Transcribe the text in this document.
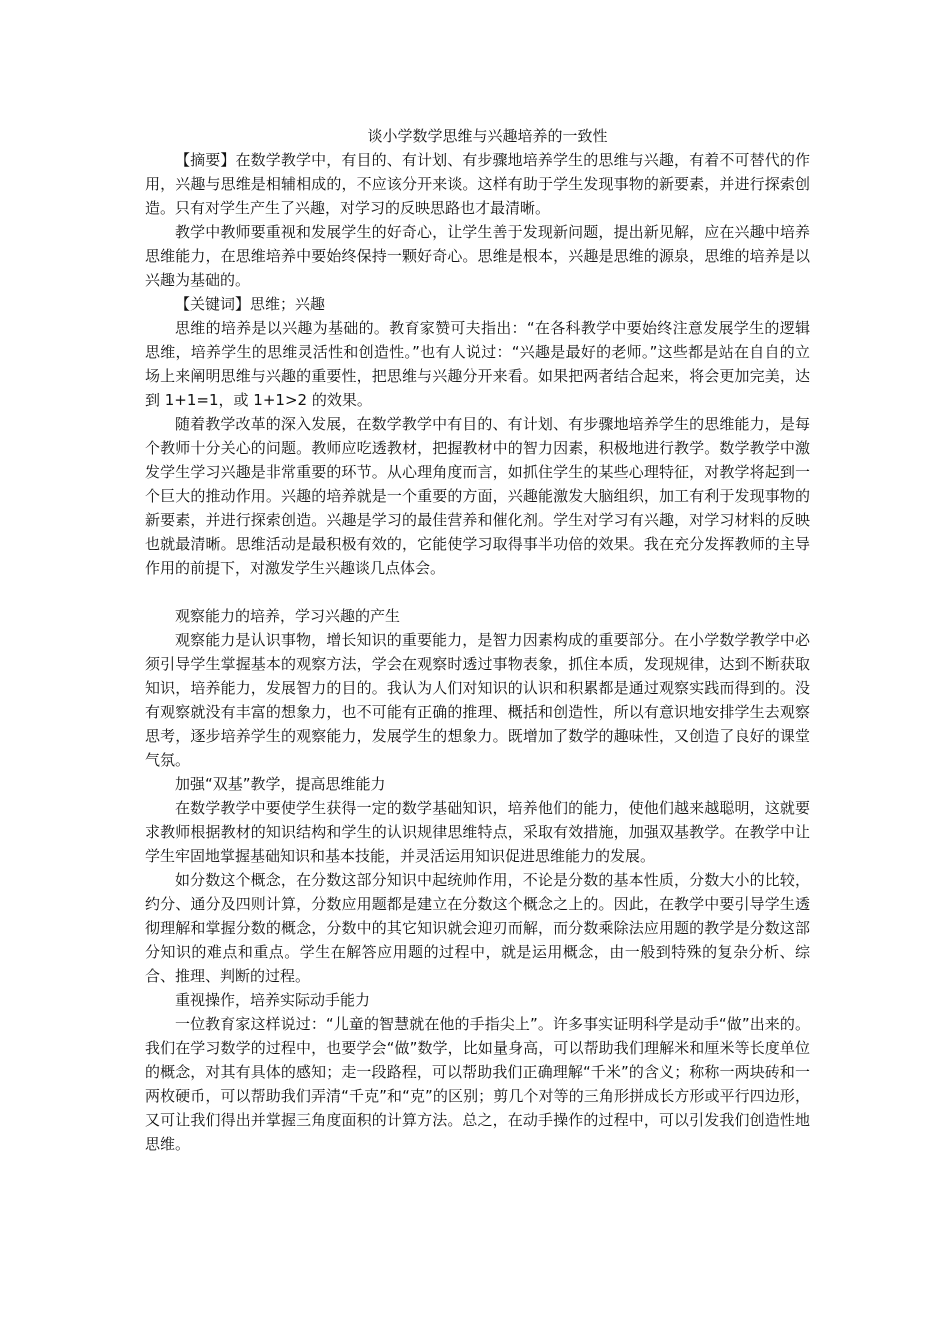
谈小学数学思维与兴趣培养的一致性

【摘要】在数学教学中，有目的、有计划、有步骤地培养学生的思维与兴趣，有着不可替代的作用，兴趣与思维是相辅相成的，不应该分开来谈。这样有助于学生发现事物的新要素，并进行探索创造。只有对学生产生了兴趣，对学习的反映思路也才最清晰。

教学中教师要重视和发展学生的好奇心，让学生善于发现新问题，提出新见解，应在兴趣中培养思维能力，在思维培养中要始终保持一颗好奇心。思维是根本，兴趣是思维的源泉，思维的培养是以兴趣为基础的。

【关键词】思维；兴趣

思维的培养是以兴趣为基础的。教育家赞可夫指出：“在各科教学中要始终注意发展学生的逻辑思维，培养学生的思维灵活性和创造性。”也有人说过：“兴趣是最好的老师。”这些都是站在自自的立场上来阐明思维与兴趣的重要性，把思维与兴趣分开来看。如果把两者结合起来，将会更加完美，达到 1+1=1，或 1+1>2 的效果。

随着教学改革的深入发展，在数学教学中有目的、有计划、有步骤地培养学生的思维能力，是每个教师十分关心的问题。教师应吃透教材，把握教材中的智力因素，积极地进行教学。数学教学中激发学生学习兴趣是非常重要的环节。从心理角度而言，如抓住学生的某些心理特征，对教学将起到一个巨大的推动作用。兴趣的培养就是一个重要的方面，兴趣能激发大脑组织，加工有利于发现事物的新要素，并进行探索创造。兴趣是学习的最佳营养和催化剂。学生对学习有兴趣，对学习材料的反映也就最清晰。思维活动是最积极有效的，它能使学习取得事半功倍的效果。我在充分发挥教师的主导作用的前提下，对激发学生兴趣谈几点体会。

观察能力的培养，学习兴趣的产生

观察能力是认识事物，增长知识的重要能力，是智力因素构成的重要部分。在小学数学教学中必须引导学生掌握基本的观察方法，学会在观察时透过事物表象，抓住本质，发现规律，达到不断获取知识，培养能力，发展智力的目的。我认为人们对知识的认识和积累都是通过观察实践而得到的。没有观察就没有丰富的想象力，也不可能有正确的推理、概括和创造性，所以有意识地安排学生去观察思考，逐步培养学生的观察能力，发展学生的想象力。既增加了数学的趣味性，又创造了良好的课堂气氛。

加强“双基”教学，提高思维能力

在数学教学中要使学生获得一定的数学基础知识，培养他们的能力，使他们越来越聪明，这就要求教师根据教材的知识结构和学生的认识规律思维特点，采取有效措施，加强双基教学。在教学中让学生牢固地掌握基础知识和基本技能，并灵活运用知识促进思维能力的发展。

如分数这个概念，在分数这部分知识中起统帅作用，不论是分数的基本性质，分数大小的比较，约分、通分及四则计算，分数应用题都是建立在分数这个概念之上的。因此，在教学中要引导学生透彻理解和掌握分数的概念，分数中的其它知识就会迎刃而解，而分数乘除法应用题的教学是分数这部分知识的难点和重点。学生在解答应用题的过程中，就是运用概念，由一般到特殊的复杂分析、综合、推理、判断的过程。

重视操作，培养实际动手能力

一位教育家这样说过：“儿童的智慧就在他的手指尖上”。许多事实证明科学是动手“做”出来的。我们在学习数学的过程中，也要学会“做”数学，比如量身高，可以帮助我们理解米和厘米等长度单位的概念，对其有具体的感知；走一段路程，可以帮助我们正确理解“千米”的含义；称称一两块砖和一两枚硬币，可以帮助我们弄清“千克”和“克”的区别；剪几个对等的三角形拼成长方形或平行四边形，又可让我们得出并掌握三角度面积的计算方法。总之，在动手操作的过程中，可以引发我们创造性地思维。
